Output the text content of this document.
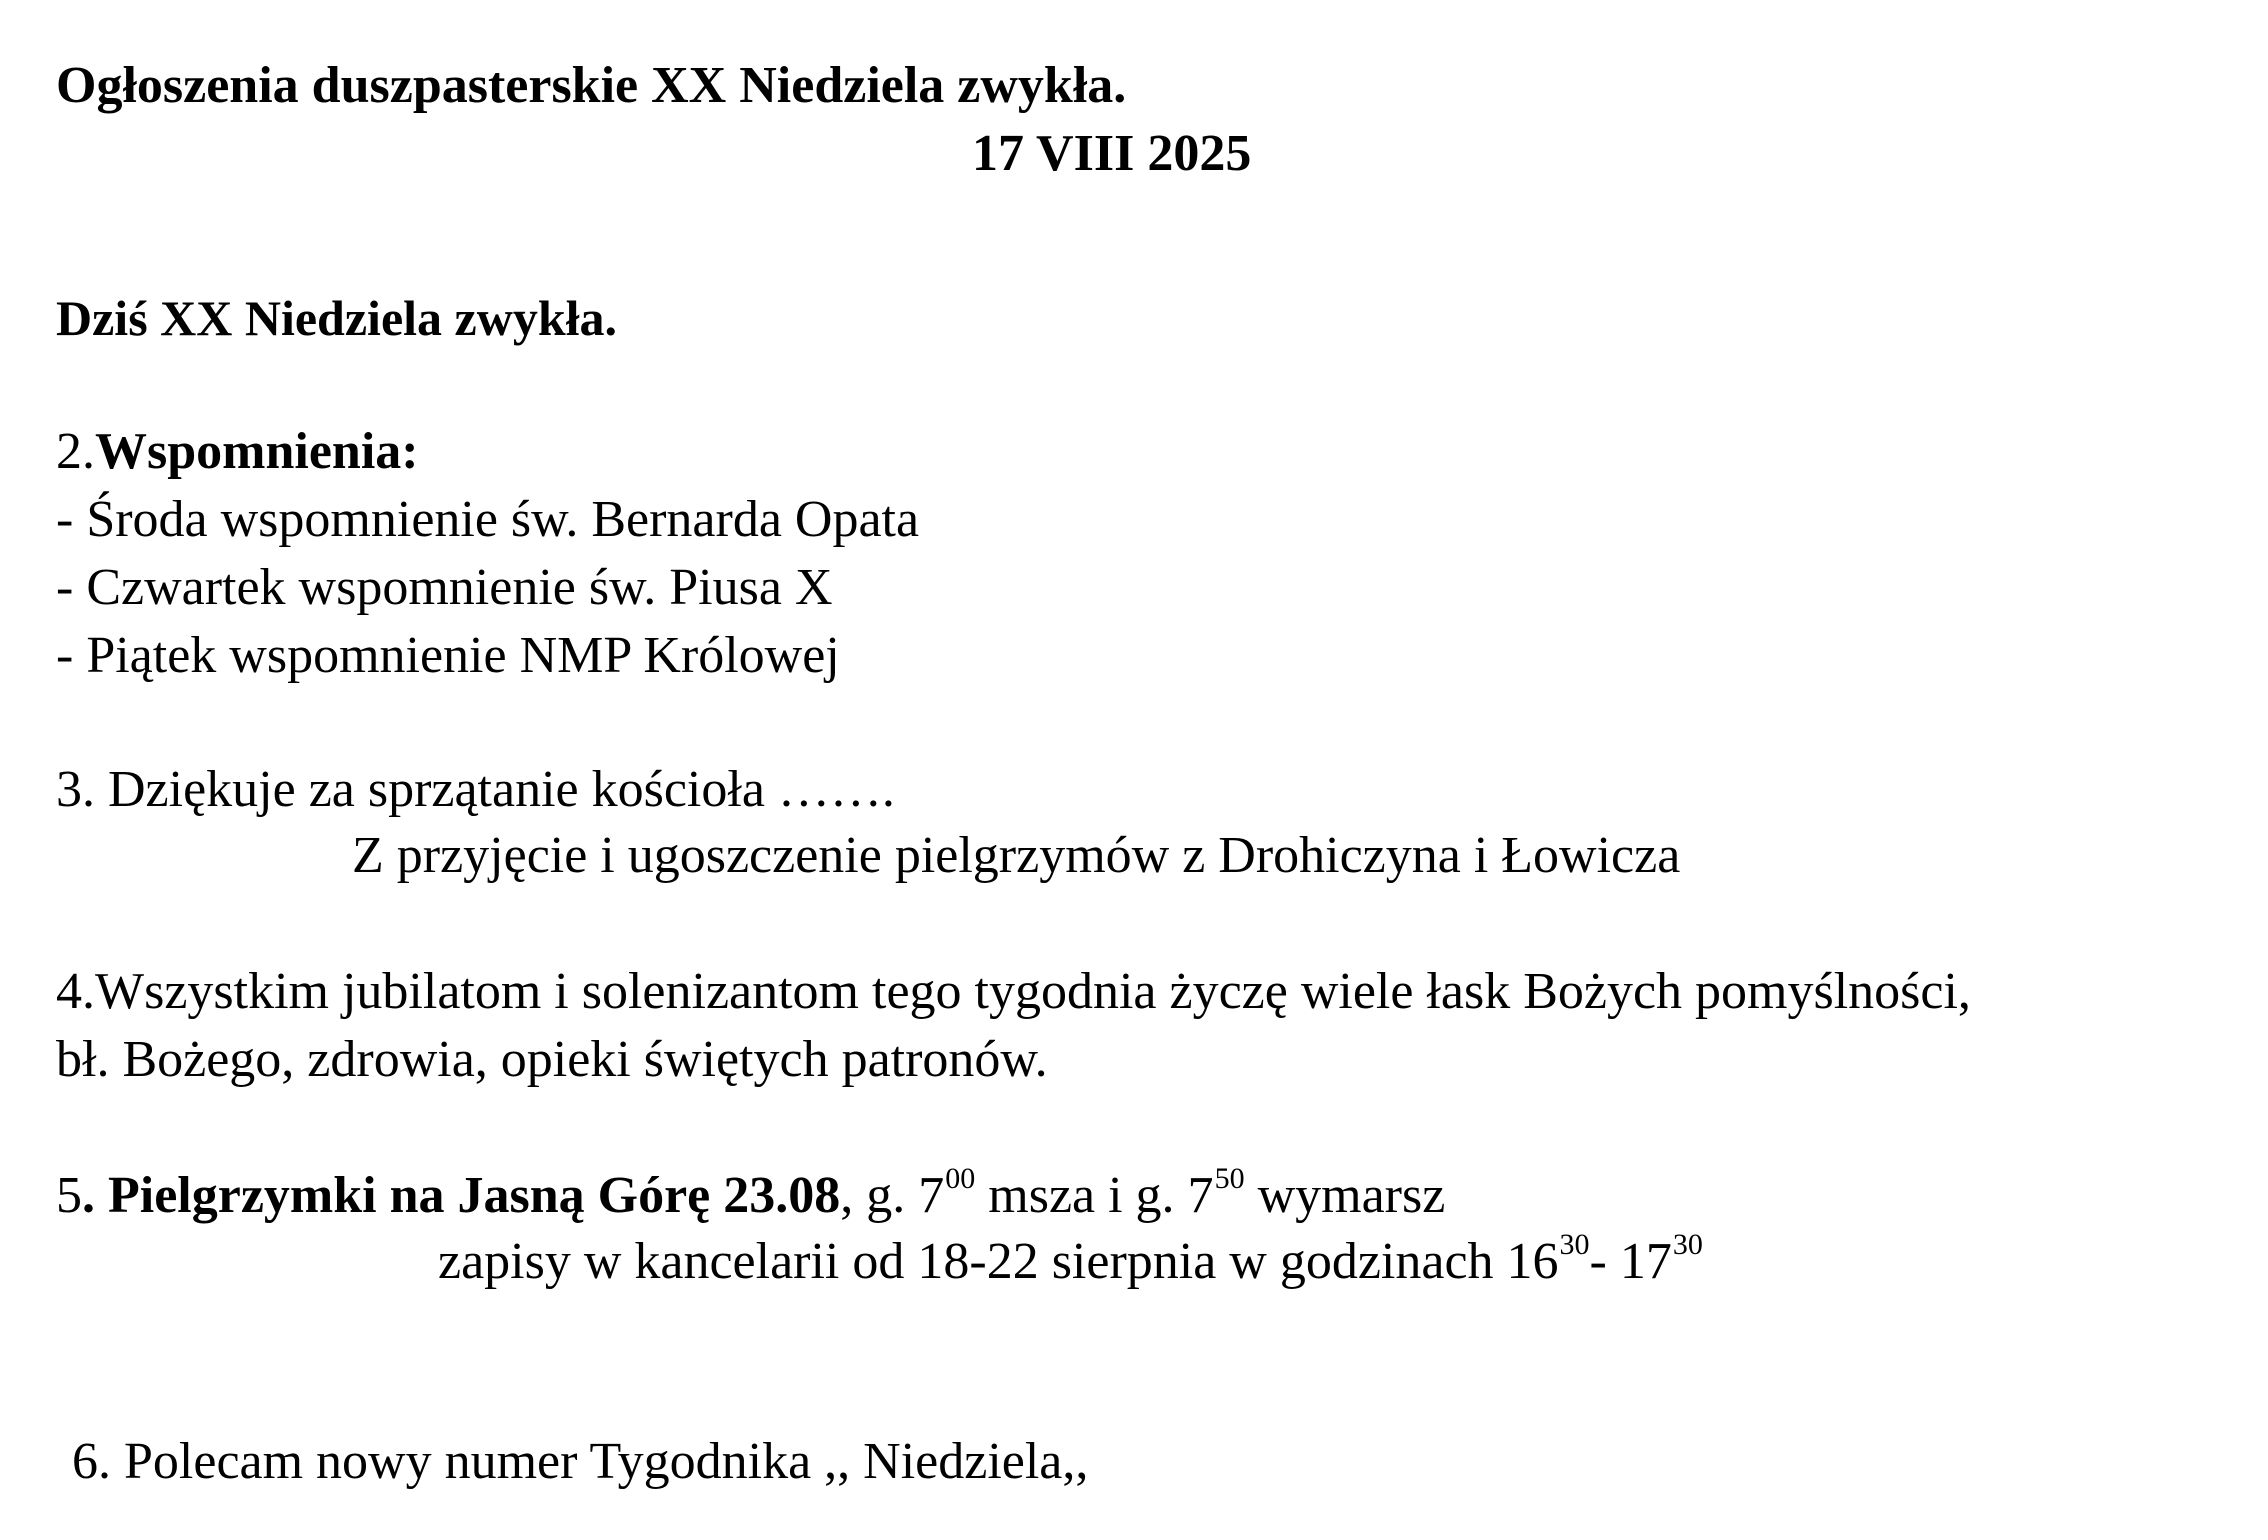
Ogłoszenia duszpasterskie XX Niedziela zwykła.
17 VIII 2025
Dziś XX Niedziela zwykła.
2.Wspomnienia:
- Środa wspomnienie św. Bernarda Opata
- Czwartek wspomnienie św. Piusa X
- Piątek wspomnienie NMP Królowej
3. Dziękuje za sprzątanie kościoła …….
Z przyjęcie i ugoszczenie pielgrzymów z Drohiczyna i Łowicza
4.Wszystkim jubilatom i solenizantom tego tygodnia życzę wiele łask Bożych pomyślności,
bł. Bożego, zdrowia, opieki świętych patronów.
5. Pielgrzymki na Jasną Górę 23.08, g. $7^{00}$ msza i g. $7^{50}$ wymarsz
zapisy w kancelarii od 18-22 sierpnia w godzinach $16^{30}-$ $17^{30}$
6. Polecam nowy numer Tygodnika ,, Niedziela,,
